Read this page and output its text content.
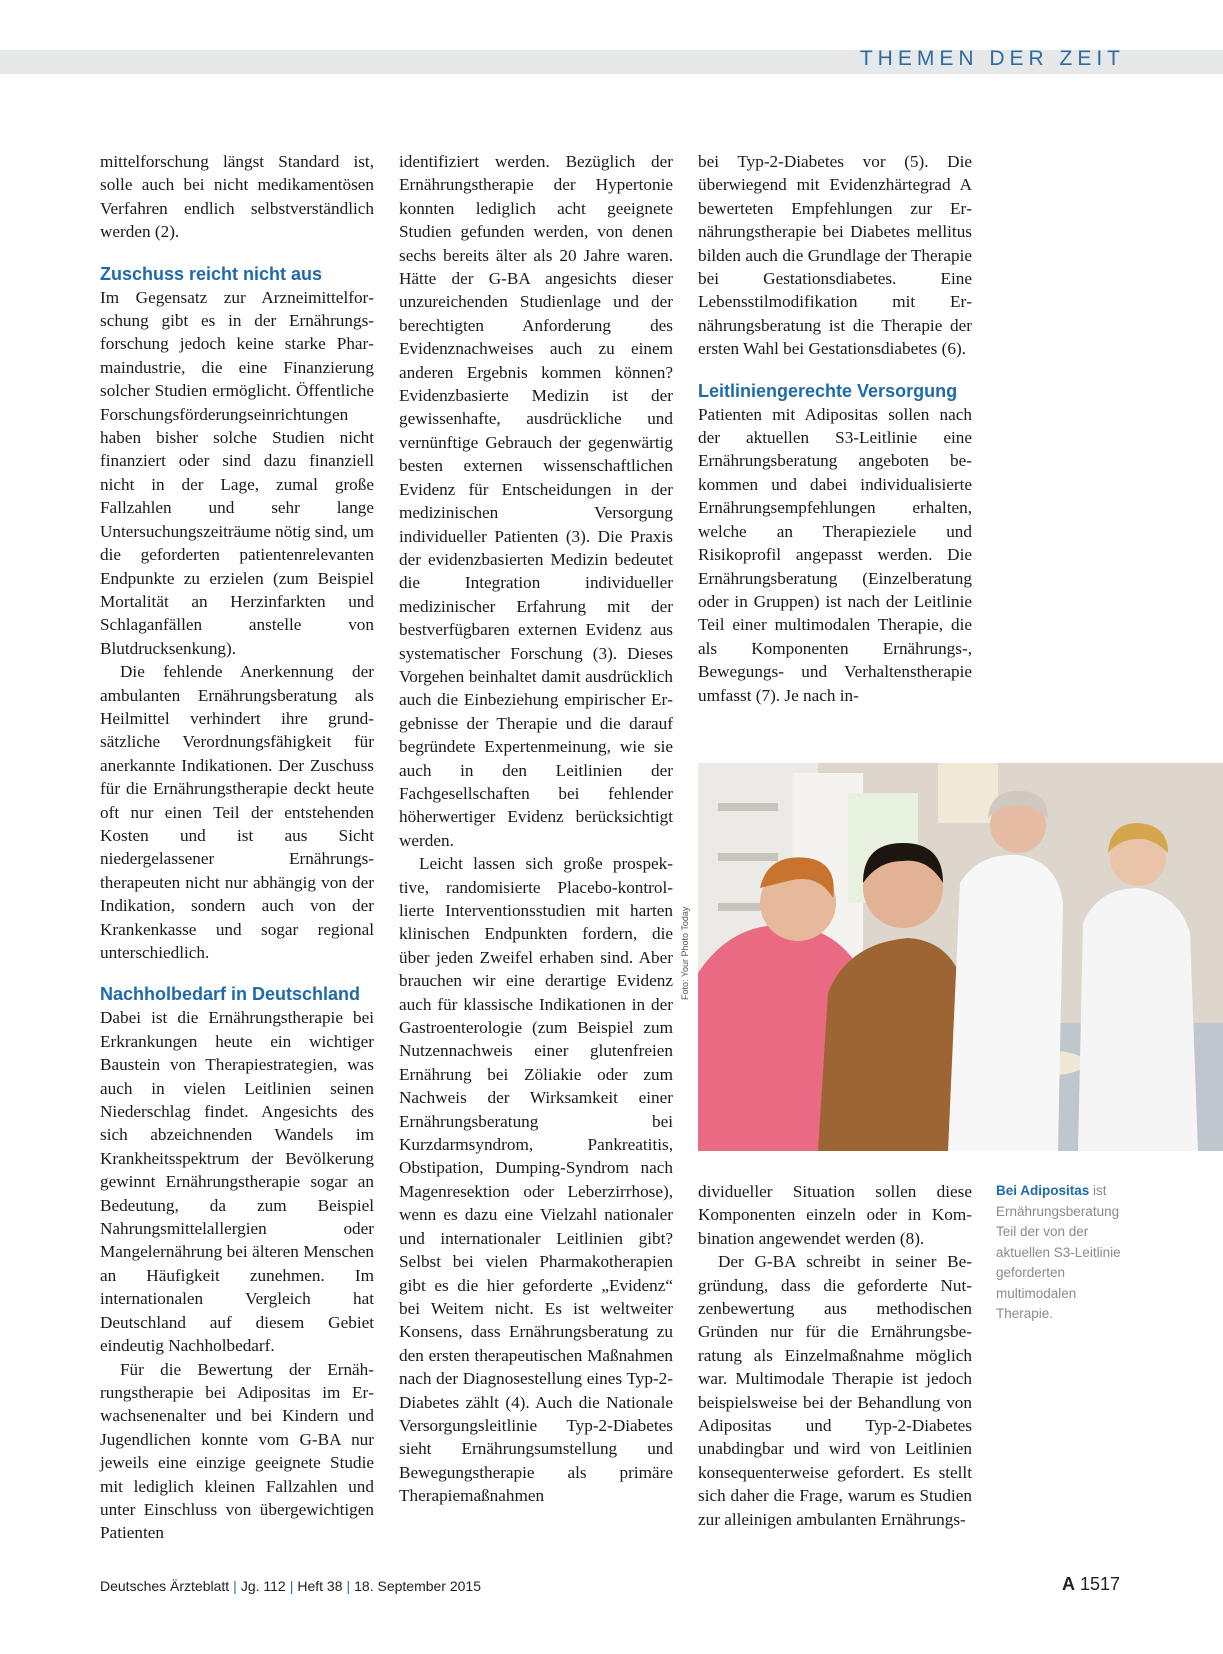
THEMEN DER ZEIT

mittelforschung längst Standard ist, solle auch bei nicht medikamentösen Verfahren endlich selbstverständlich werden (2).

Zuschuss reicht nicht aus

Im Gegensatz zur Arzneimittelforschung gibt es in der Ernährungsforschung jedoch keine starke Pharmaindustrie, die eine Finanzierung solcher Studien ermöglicht. Öffentliche Forschungsförderungseinrichtungen haben bisher solche Studien nicht finanziert oder sind dazu finanziell nicht in der Lage, zumal große Fallzahlen und sehr lange Untersuchungszeiträume nötig sind, um die geforderten patientenrelevanten Endpunkte zu erzielen (zum Beispiel Mortalität an Herzinfarkten und Schlaganfällen anstelle von Blutdrucksenkung).

Die fehlende Anerkennung der ambulanten Ernährungsberatung als Heilmittel verhindert ihre grundsätzliche Verordnungsfähigkeit für anerkannte Indikationen. Der Zuschuss für die Ernährungstherapie deckt heute oft nur einen Teil der entstehenden Kosten und ist aus Sicht niedergelassener Ernährungstherapeuten nicht nur abhängig von der Indikation, sondern auch von der Krankenkasse und sogar regional unterschiedlich.

Nachholbedarf in Deutschland

Dabei ist die Ernährungstherapie bei Erkrankungen heute ein wichtiger Baustein von Therapiestrategien, was auch in vielen Leitlinien seinen Niederschlag findet. Angesichts des sich abzeichnenden Wandels im Krankheitsspektrum der Bevölkerung gewinnt Ernährungstherapie sogar an Bedeutung, da zum Beispiel Nahrungsmittelallergien oder Mangelernährung bei älteren Menschen an Häufigkeit zunehmen. Im internationalen Vergleich hat Deutschland auf diesem Gebiet eindeutig Nachholbedarf.

Für die Bewertung der Ernährungstherapie bei Adipositas im Erwachsenenalter und bei Kindern und Jugendlichen konnte vom G-BA nur jeweils eine einzige geeignete Studie mit lediglich kleinen Fallzahlen und unter Einschluss von übergewichtigen Patienten

identifiziert werden. Bezüglich der Ernährungstherapie der Hypertonie konnten lediglich acht geeignete Studien gefunden werden, von denen sechs bereits älter als 20 Jahre waren. Hätte der G-BA angesichts dieser unzureichenden Studienlage und der berechtigten Anforderung des Evidenznachweises auch zu einem anderen Ergebnis kommen können? Evidenzbasierte Medizin ist der gewissenhafte, ausdrückliche und vernünftige Gebrauch der gegenwärtig besten externen wissenschaftlichen Evidenz für Entscheidungen in der medizinischen Versorgung individueller Patienten (3). Die Praxis der evidenzbasierten Medizin bedeutet die Integration individueller medizinischer Erfahrung mit der bestverfügbaren externen Evidenz aus systematischer Forschung (3). Dieses Vorgehen beinhaltet damit ausdrücklich auch die Einbeziehung empirischer Ergebnisse der Therapie und die darauf begründete Expertenmeinung, wie sie auch in den Leitlinien der Fachgesellschaften bei fehlender höherwertiger Evidenz berücksichtigt werden.

Leicht lassen sich große prospektive, randomisierte Placebo-kontrollierte Interventionsstudien mit harten klinischen Endpunkten fordern, die über jeden Zweifel erhaben sind. Aber brauchen wir eine derartige Evidenz auch für klassische Indikationen in der Gastroenterologie (zum Beispiel zum Nutzennachweis einer glutenfreien Ernährung bei Zöliakie oder zum Nachweis der Wirksamkeit einer Ernährungsberatung bei Kurzdarmsyndrom, Pankreatitis, Obstipation, Dumping-Syndrom nach Magenresektion oder Leberzirrhose), wenn es dazu eine Vielzahl nationaler und internationaler Leitlinien gibt? Selbst bei vielen Pharmakotherapien gibt es die hier geforderte „Evidenz“ bei Weitem nicht. Es ist weltweiter Konsens, dass Ernährungsberatung zu den ersten therapeutischen Maßnahmen nach der Diagnosestellung eines Typ-2-Diabetes zählt (4). Auch die Nationale Versorgungsleitlinie Typ-2-Diabetes sieht Ernährungsumstellung und Bewegungstherapie als primäre Therapiemaßnahmen

bei Typ-2-Diabetes vor (5). Die überwiegend mit Evidenzhärtegrad A bewerteten Empfehlungen zur Ernährungstherapie bei Diabetes mellitus bilden auch die Grundlage der Therapie bei Gestationsdiabetes. Eine Lebensstilmodifikation mit Ernährungsberatung ist die Therapie der ersten Wahl bei Gestationsdiabetes (6).

Leitliniengerechte Versorgung

Patienten mit Adipositas sollen nach der aktuellen S3-Leitlinie eine Ernährungsberatung angeboten bekommen und dabei individualisierte Ernährungsempfehlungen erhalten, welche an Therapieziele und Risikoprofil angepasst werden. Die Ernährungsberatung (Einzelberatung oder in Gruppen) ist nach der Leitlinie Teil einer multimodalen Therapie, die als Komponenten Ernährungs-, Bewegungs- und Verhaltenstherapie umfasst (7). Je nach in-

Foto: Your Photo Today

dividueller Situation sollen diese Komponenten einzeln oder in Kombination angewendet werden (8).

Der G-BA schreibt in seiner Begründung, dass die geforderte Nutzenbewertung aus methodischen Gründen nur für die Ernährungsberatung als Einzelmaßnahme möglich war. Multimodale Therapie ist jedoch beispielsweise bei der Behandlung von Adipositas und Typ-2-Diabetes unabdingbar und wird von Leitlinien konsequenterweise gefordert. Es stellt sich daher die Frage, warum es Studien zur alleinigen ambulanten Ernährungs-

Bei Adipositas ist Ernährungsberatung Teil der von der aktuellen S3-Leitlinie geforderten multimodalen Therapie.
Deutsches Ärzteblatt | Jg. 112 | Heft 38 | 18. September 2015	A 1517
